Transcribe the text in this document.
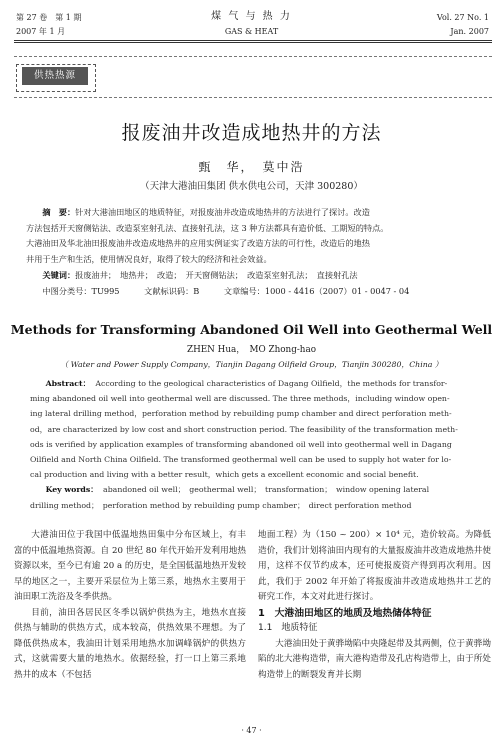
第 27 卷　第 1 期
2007 年 1 月
煤 气 与 热 力
GAS & HEAT
Vol. 27 No. 1
Jan. 2007
供热热源
报废油井改造成地热井的方法
甄　华，　莫中浩
（天津大港油田集团 供水供电公司，天津 300280）

摘　要：针对大港油田地区的地质特征，对报废油井改造成地热井的方法进行了探讨。改造

方法包括开天窗侧钻法、改造泵室射孔法、直接射孔法，这 3 种方法都具有造价低、工期短的特点。

大港油田及华北油田报废油井改造成地热井的应用实例证实了改造方法的可行性，改造后的地热

井用于生产和生活，使用情况良好，取得了较大的经济和社会效益。

关键词：报废油井；　地热井；　改造；　开天窗侧钻法；　改造泵室射孔法；　直接射孔法
中图分类号：TU995	文献标识码：B	文章编号：1000 - 4416（2007）01 - 0047 - 04
Methods for Transforming Abandoned Oil Well into Geothermal Well
ZHEN Hua，　MO Zhong-hao
（ Water and Power Supply Company，Tianjin Dagang Oilfield Group，Tianjin 300280，China ）

Abstract： According to the geological characteristics of Dagang Oilfield，the methods for transfor-

ming abandoned oil well into geothermal well are discussed. The three methods，including window open-

ing lateral drilling method，perforation method by rebuilding pump chamber and direct perforation meth-

od，are characterized by low cost and short construction period. The feasibility of the transformation meth-

ods is verified by application examples of transforming abandoned oil well into geothermal well in Dagang

Oilfield and North China Oilfield. The transformed geothermal well can be used to supply hot water for lo-

cal production and living with a better result，which gets a excellent economic and social benefit.

Key words： abandoned oil well；　geothermal well；　transformation；　window opening lateral

drilling method；　perforation method by rebuilding pump chamber；　direct perforation method

大港油田位于我国中低温地热田集中分布区域上，有丰富的中低温地热资源。自 20 世纪 80 年代开始开发利用地热资源以来，至今已有逾 20 a 的历史，是全国低温地热开发较早的地区之一，主要开采层位为上第三系，地热水主要用于油田职工洗浴及冬季供热。

目前，油田各居民区冬季以锅炉供热为主，地热水直接供热与辅助的供热方式，成本较高，供热效果不理想。为了降低供热成本，我油田计划采用地热水加调峰锅炉的供热方式，这就需要大量的地热水。依据经验，打一口上第三系地热井的成本（不包括

地面工程）为（150 ~ 200）× 10⁴ 元，造价较高。为降低造价，我们计划将油田内现有的大量报废油井改造成地热井使用，这样不仅节约成本，还可使报废资产得到再次利用。因此，我们于 2002 年开始了将报废油井改造成地热井工艺的研究工作，本文对此进行探讨。

1　大港油田地区的地质及地热储体特征

1.1　地质特征

大港油田处于黄骅坳陷中央隆起带及其两侧，位于黄骅坳陷的北大港构造带，南大港构造带及孔店构造带上，由于所处构造带上的断裂发育并长期

· 47 ·
